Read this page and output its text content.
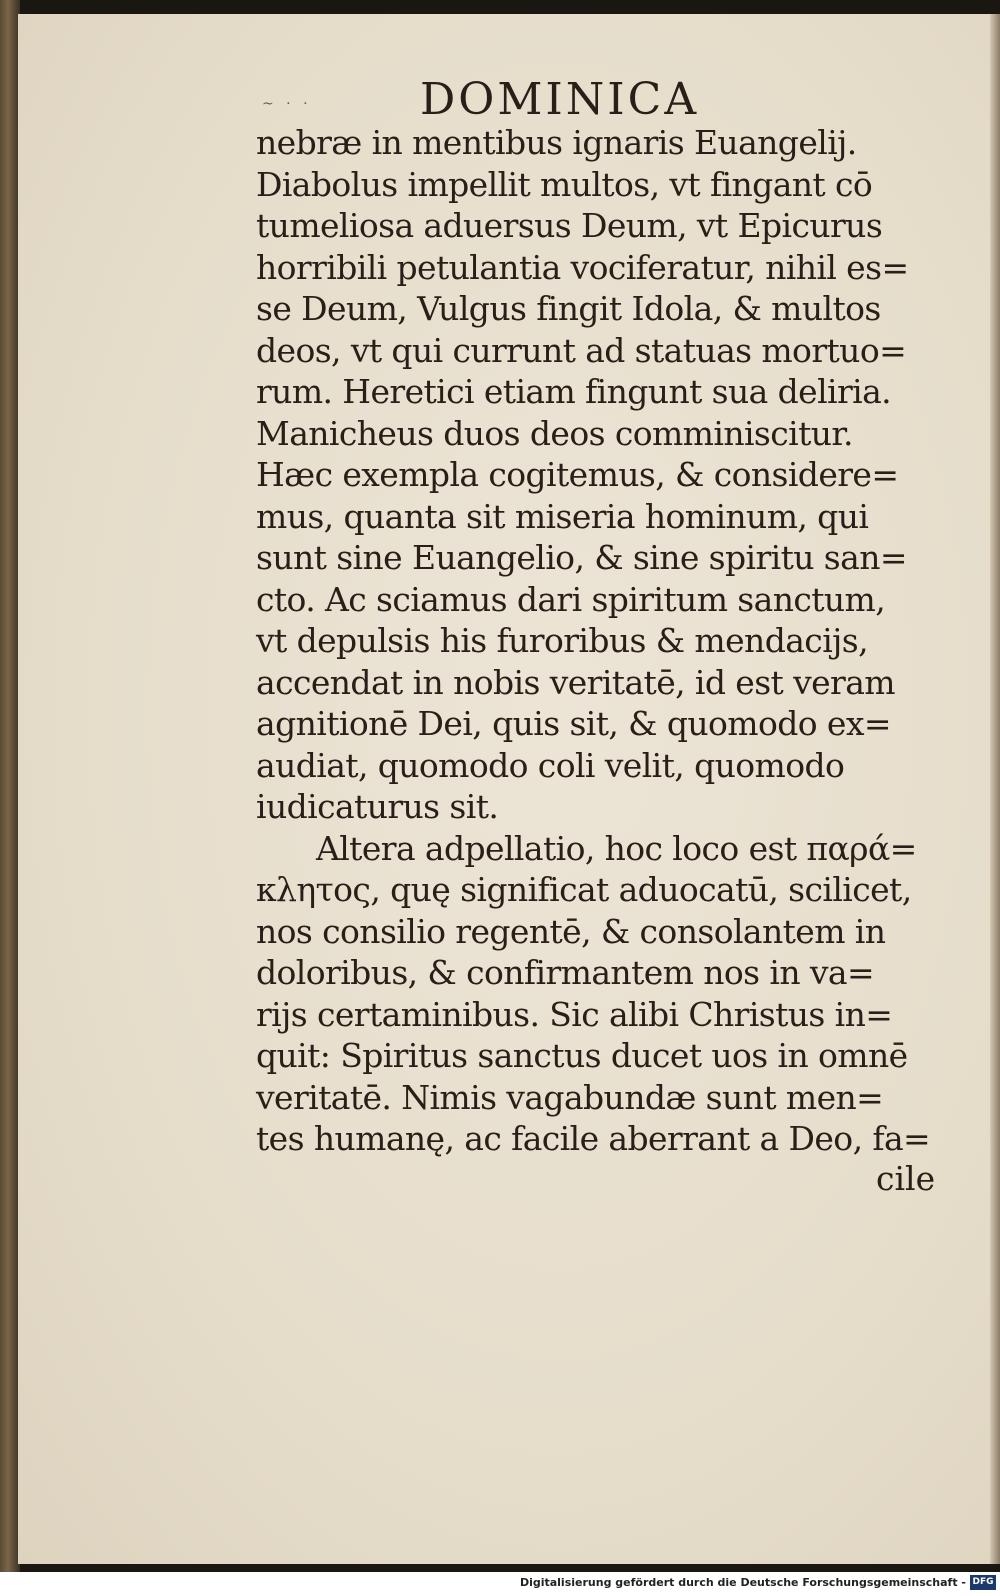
~ · · DOMINICA
nebræ in mentibus ignaris Euangelij.
Diabolus impellit multos, vt fingant cō
tumeliosa aduersus Deum, vt Epicurus
horribili petulantia vociferatur, nihil es=
se Deum, Vulgus fingit Idola, & multos
deos, vt qui currunt ad statuas mortuo=
rum. Heretici etiam fingunt sua deliria.
Manicheus duos deos comminiscitur.
Hæc exempla cogitemus, & considere=
mus, quanta sit miseria hominum, qui
sunt sine Euangelio, & sine spiritu san=
cto. Ac sciamus dari spiritum sanctum,
vt depulsis his furoribus & mendacijs,
accendat in nobis veritatē, id est veram
agnitionē Dei, quis sit, & quomodo ex=
audiat, quomodo coli velit, quomodo
iudicaturus sit.
Altera adpellatio, hoc loco est παρά=
κλητος, quę significat aduocatū, scilicet,
nos consilio regentē, & consolantem in
doloribus, & confirmantem nos in va=
rijs certaminibus. Sic alibi Christus in=
quit: Spiritus sanctus ducet uos in omnē
veritatē. Nimis vagabundæ sunt men=
tes humanę, ac facile aberrant a Deo, fa=
cile
Digitalisierung gefördert durch die Deutsche Forschungsgemeinschaft - DFG
